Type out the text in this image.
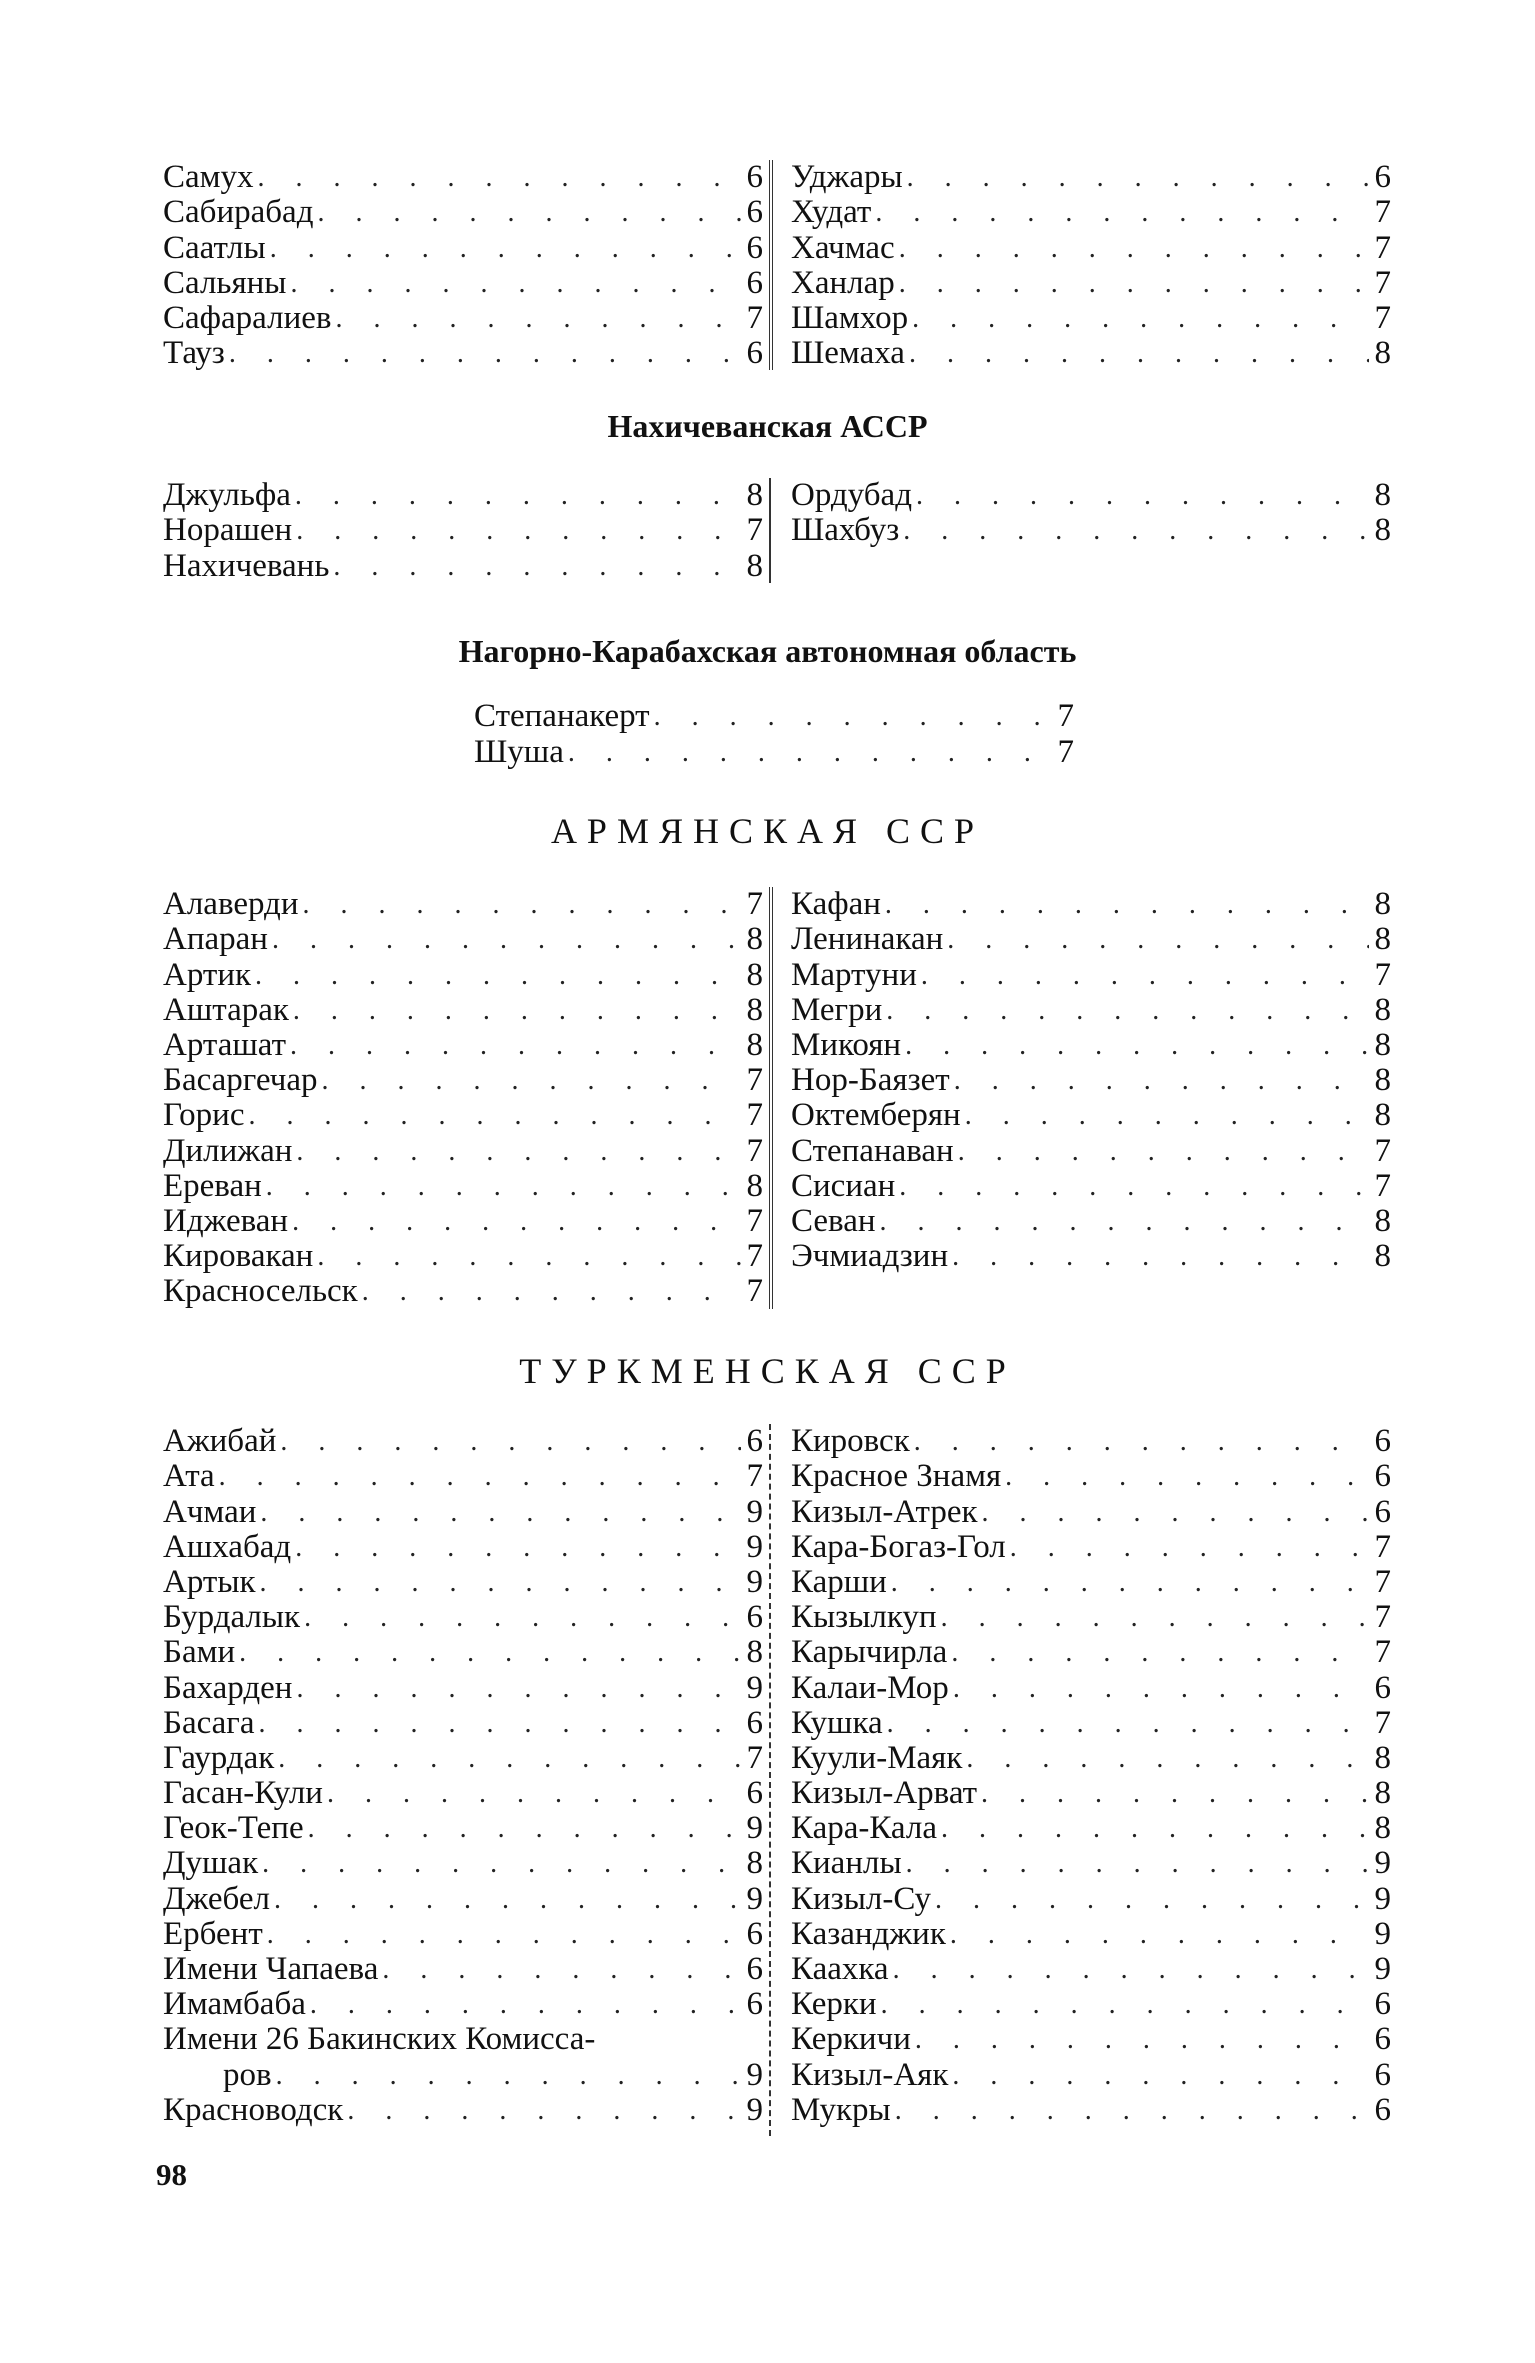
Самух . . .	6
Сабирабад . . .	6
Саатлы . . .	6
Сальяны . . .	6
Сафаралиев . . .	7
Тауз . . .	6
Уджары . . .	6
Худат . . .	7
Хачмас . . .	7
Ханлар . . .	7
Шамхор . . .	7
Шемаха . . .	8
Нахичеванская АССР
Джульфа . . .	8
Норашен . . .	7
Нахичевань . . .	8
Ордубад . . .	8
Шахбуз . . .	8
Нагорно-Карабахская автономная область
Степанакерт . . .	7
Шуша . . .	7
АРМЯНСКАЯ ССР
Алаверди . . .	7
Апаран . . .	8
Артик . . .	8
Аштарак . . .	8
Арташат . . .	8
Басаргечар . . .	7
Горис . . .	7
Дилижан . . .	7
Ереван . . .	8
Иджеван . . .	7
Кировакан . . .	7
Красносельск . . .	7
Кафан . . .	8
Ленинакан . . .	8
Мартуни . . .	7
Мегри . . .	8
Микоян . . .	8
Нор-Баязет . . .	8
Октемберян . . .	8
Степанаван . . .	7
Сисиан . . .	7
Севан . . .	8
Эчмиадзин . . .	8
ТУРКМЕНСКАЯ ССР
Ажибай . . .	6
Ата . . .	7
Ачмаи . . .	9
Ашхабад . . .	9
Артык . . .	9
Бурдалык . . .	6
Бами . . .	8
Бахарден . . .	9
Басага . . .	6
Гаурдак . . .	7
Гасан-Кули . . .	6
Геок-Тепе . . .	9
Душак . . .	8
Джебел . . .	9
Ербент . . .	6
Имени Чапаева . . .	6
Имамбаба . . .	6
Имени 26 Бакинских Комисса-
ров . . .	9
Красноводск . . .	9
Кировск . . .	6
Красное Знамя . . .	6
Кизыл-Атрек . . .	6
Кара-Богаз-Гол . . .	7
Карши . . .	7
Кызылкуп . . .	7
Карычирла . . .	7
Калаи-Мор . . .	6
Кушка . . .	7
Куули-Маяк . . .	8
Кизыл-Арват . . .	8
Кара-Кала . . .	8
Кианлы . . .	9
Кизыл-Су . . .	9
Казанджик . . .	9
Каахка . . .	9
Керки . . .	6
Керкичи . . .	6
Кизыл-Аяк . . .	6
Мукры . . .	6
98
